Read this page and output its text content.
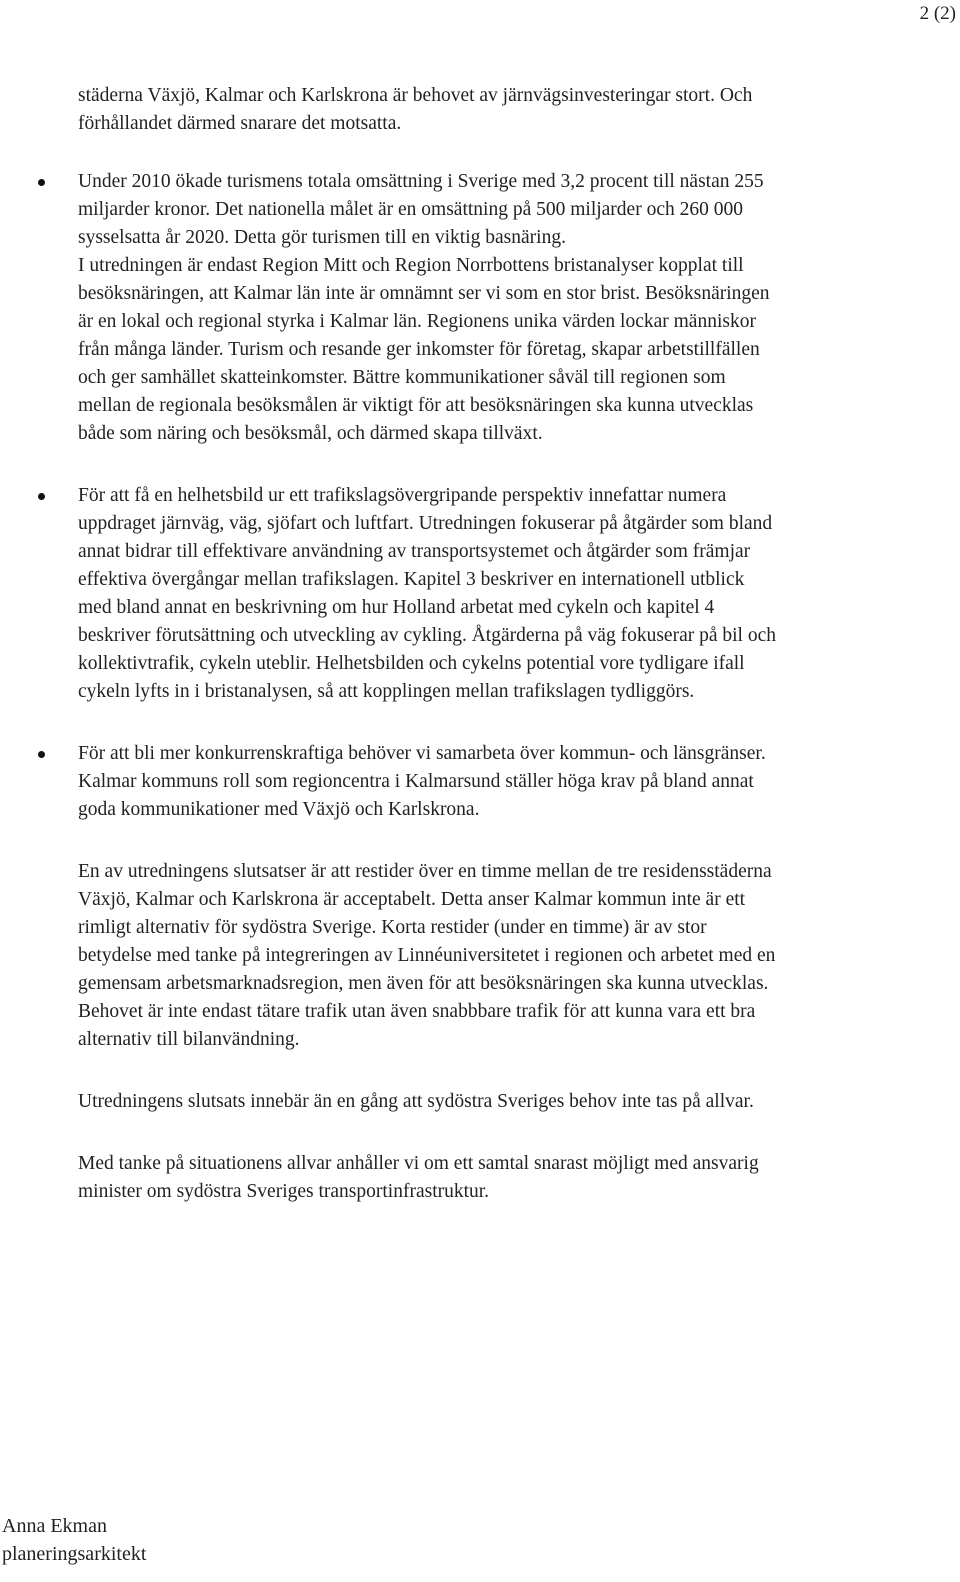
2 (2)

städerna Växjö, Kalmar och Karlskrona är behovet av järnvägsinvesteringar stort. Och förhållandet därmed snarare det motsatta.

Under 2010 ökade turismens totala omsättning i Sverige med 3,2 procent till nästan 255 miljarder kronor. Det nationella målet är en omsättning på 500 miljarder och 260 000 sysselsatta år 2020. Detta gör turismen till en viktig basnäring.

I utredningen är endast Region Mitt och Region Norrbottens bristanalyser kopplat till besöksnäringen, att Kalmar län inte är omnämnt ser vi som en stor brist. Besöksnäringen är en lokal och regional styrka i Kalmar län. Regionens unika värden lockar människor från många länder. Turism och resande ger inkomster för företag, skapar arbetstillfällen och ger samhället skatteinkomster. Bättre kommunikationer såväl till regionen som mellan de regionala besöksmålen är viktigt för att besöksnäringen ska kunna utvecklas både som näring och besöksmål, och därmed skapa tillväxt.

För att få en helhetsbild ur ett trafikslagsövergripande perspektiv innefattar numera uppdraget järnväg, väg, sjöfart och luftfart. Utredningen fokuserar på åtgärder som bland annat bidrar till effektivare användning av transportsystemet och åtgärder som främjar effektiva övergångar mellan trafikslagen. Kapitel 3 beskriver en internationell utblick med bland annat en beskrivning om hur Holland arbetat med cykeln och kapitel 4 beskriver förutsättning och utveckling av cykling. Åtgärderna på väg fokuserar på bil och kollektivtrafik, cykeln uteblir. Helhetsbilden och cykelns potential vore tydligare ifall cykeln lyfts in i bristanalysen, så att kopplingen mellan trafikslagen tydliggörs.

För att bli mer konkurrenskraftiga behöver vi samarbeta över kommun- och länsgränser. Kalmar kommuns roll som regioncentra i Kalmarsund ställer höga krav på bland annat goda kommunikationer med Växjö och Karlskrona.

En av utredningens slutsatser är att restider över en timme mellan de tre residensstäderna Växjö, Kalmar och Karlskrona är acceptabelt. Detta anser Kalmar kommun inte är ett rimligt alternativ för sydöstra Sverige. Korta restider (under en timme) är av stor betydelse med tanke på integreringen av Linnéuniversitetet i regionen och arbetet med en gemensam arbetsmarknadsregion, men även för att besöksnäringen ska kunna utvecklas. Behovet är inte endast tätare trafik utan även snabbbare trafik för att kunna vara ett bra alternativ till bilanvändning.

Utredningens slutsats innebär än en gång att sydöstra Sveriges behov inte tas på allvar.

Med tanke på situationens allvar anhåller vi om ett samtal snarast möjligt med ansvarig minister om sydöstra Sveriges transportinfrastruktur.

Anna Ekman
planeringsarkitekt
